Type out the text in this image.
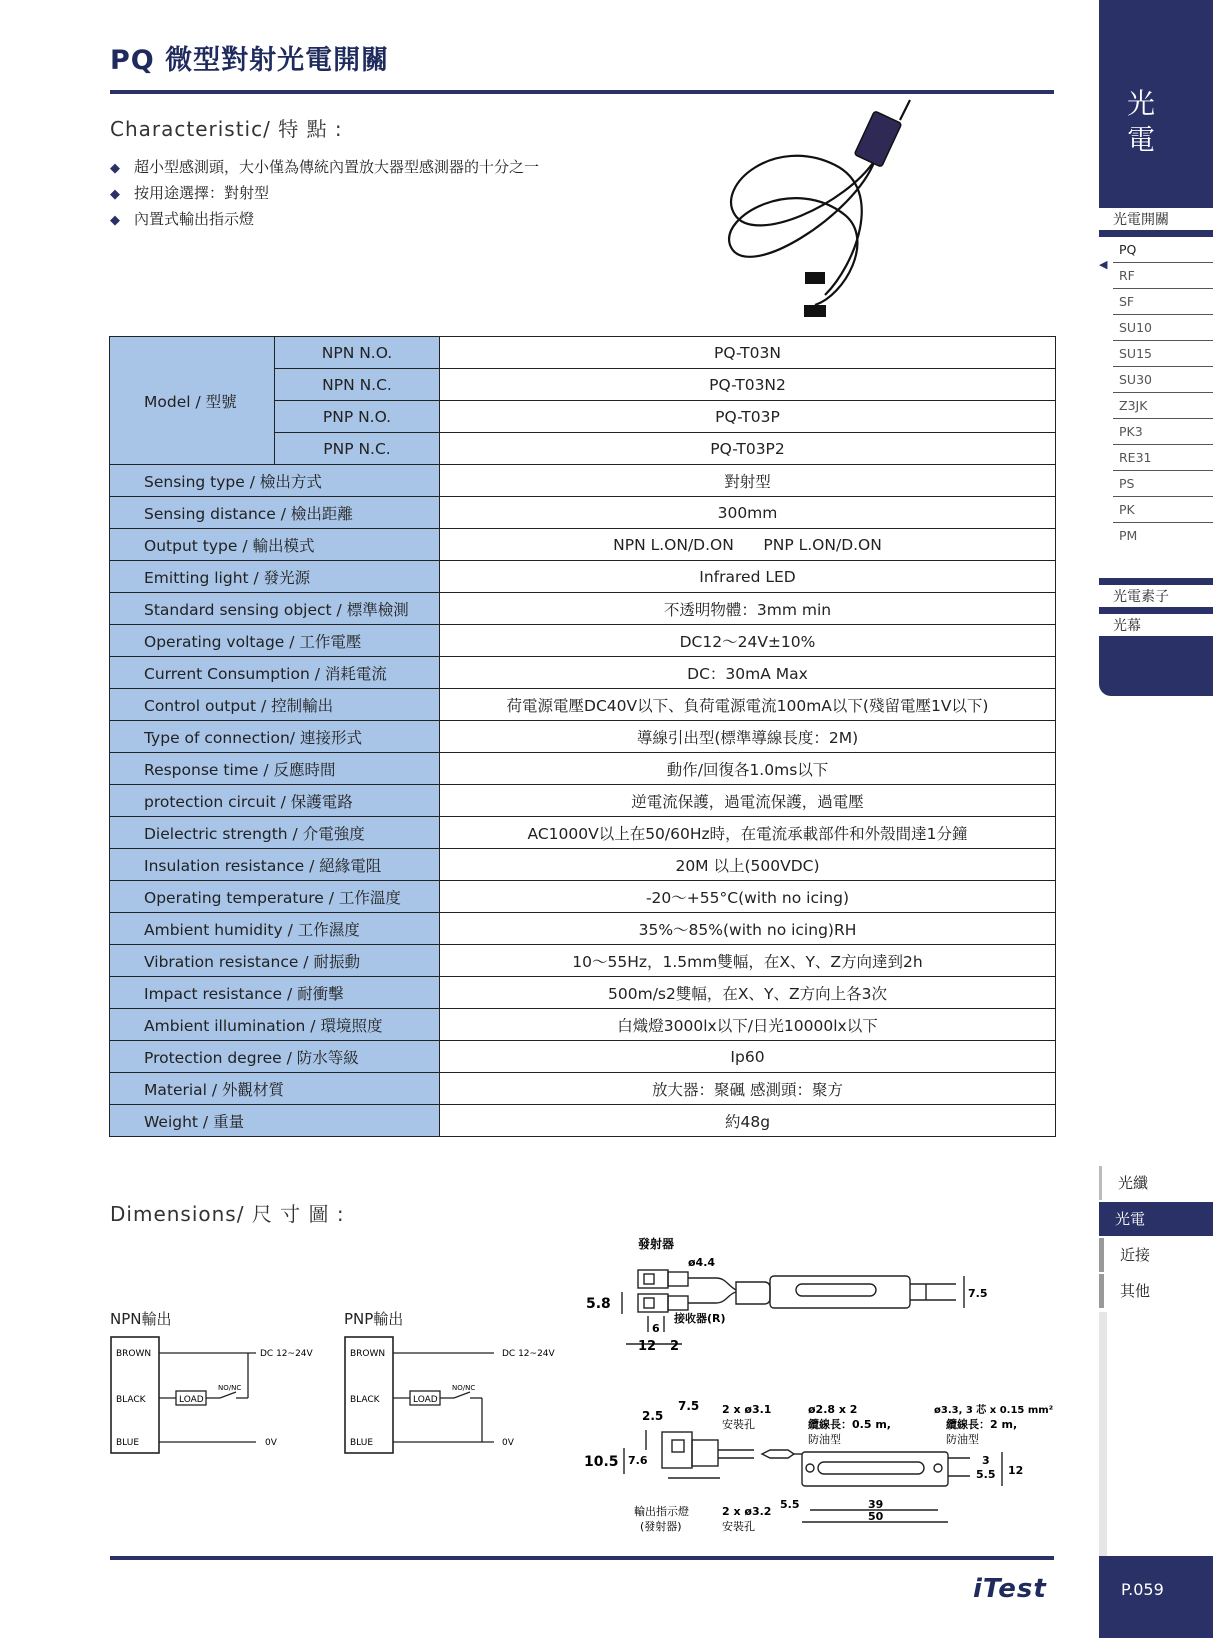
PQ 微型對射光電開關
Characteristic/ 特 點 :
◆ 超小型感測頭，大小僅為傳統內置放大器型感測器的十分之一
◆ 按用途選擇：對射型
◆ 內置式輸出指示燈
Model / 型號	NPN N.O.	PQ-T03N
	NPN N.C.	PQ-T03N2
	PNP N.O.	PQ-T03P
	PNP N.C.	PQ-T03P2
Sensing type / 檢出方式		對射型
Sensing distance / 檢出距離		300mm
Output type / 輸出模式		NPN L.ON/D.ON      PNP L.ON/D.ON
Emitting light / 發光源		Infrared LED
Standard sensing object / 標準檢測		不透明物體：3mm min
Operating voltage / 工作電壓		DC12～24V±10%
Current Consumption / 消耗電流		DC：30mA Max
Control output / 控制輸出		荷電源電壓DC40V以下、負荷電源電流100mA以下(殘留電壓1V以下)
Type of connection/ 連接形式		導線引出型(標準導線長度：2M)
Response time / 反應時間		動作/回復各1.0ms以下
protection circuit / 保護電路		逆電流保護，過電流保護，過電壓
Dielectric strength / 介電強度		AC1000V以上在50/60Hz時，在電流承載部件和外殼間達1分鐘
Insulation resistance / 絕緣電阻		20M 以上(500VDC)
Operating temperature / 工作溫度		-20～+55°C(with no icing)
Ambient humidity / 工作濕度		35%～85%(with no icing)RH
Vibration resistance / 耐振動		10～55Hz，1.5mm雙幅，在X、Y、Z方向達到2h
Impact resistance / 耐衝擊		500m/s2雙幅，在X、Y、Z方向上各3次
Ambient illumination / 環境照度		白熾燈3000lx以下/日光10000lx以下
Protection degree / 防水等級		Ip60
Material / 外觀材質		放大器：聚碸 感測頭：聚方
Weight / 重量		約48g
Dimensions/ 尺 寸 圖 :
NPN輸出	PNP輸出
BROWN
BLACK
BLUE
LOAD
NO/NC
DC 12~24V
0V
BROWN
BLACK
BLUE
LOAD
NO/NC
DC 12~24V
0V
發射器
ø4.4
5.8
7.5
接收器(R)
6
12 2
2.5
7.5 2 x ø3.1
安裝孔
ø2.8 x 2
纜線長：0.5 m,
防油型
ø3.3, 3 芯 x 0.15 mm²
纜線長：2 m,
防油型
10.5 7.6	3
5.5 12
5.5	39
50
輸出指示燈
(發射器)
2 x ø3.2
安裝孔
iTest
光電
光電開關
PQ
◀
RF
SF
SU10
SU15
SU30
Z3JK
PK3
RE31
PS
PK
PM
光電素子
光幕
光纖
光電
近接
其他
P.059
